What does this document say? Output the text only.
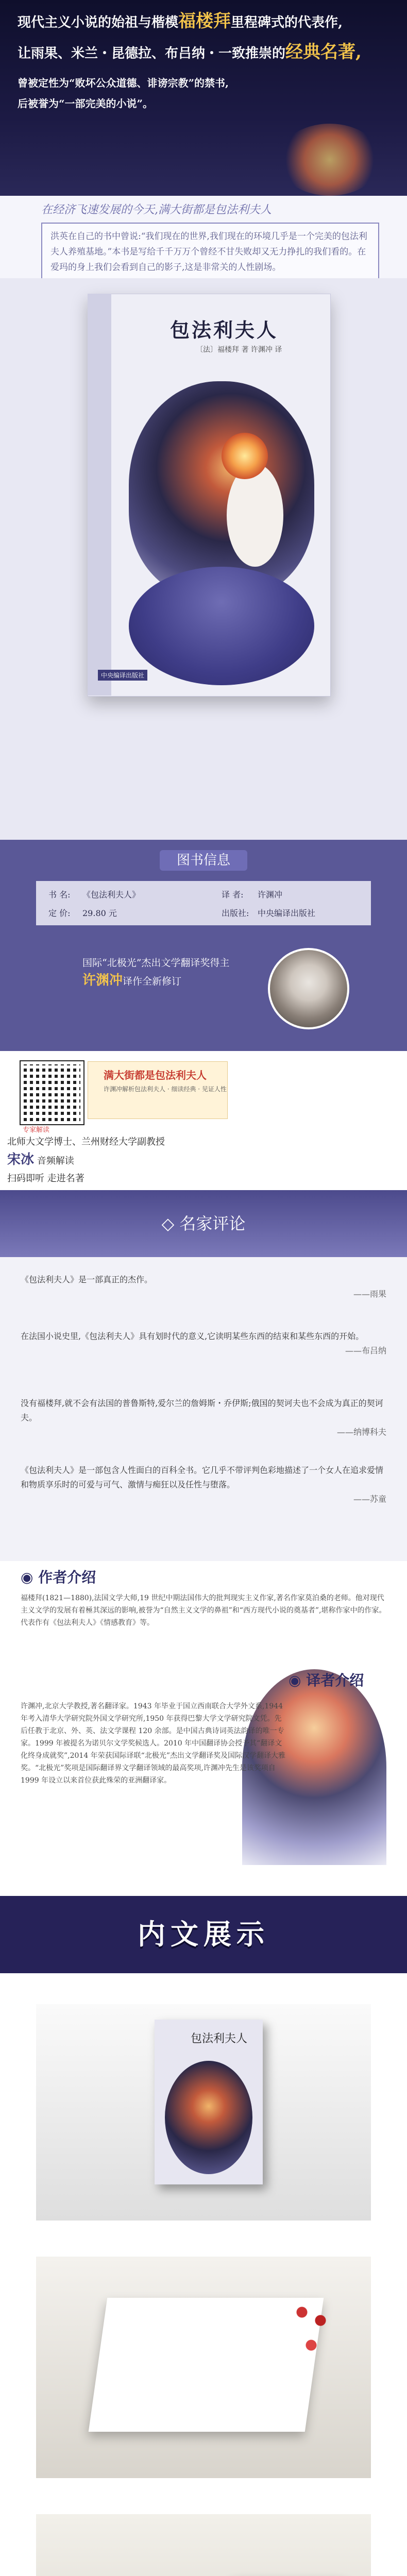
现代主义小说的始祖与楷模福楼拜里程碑式的代表作,
让雨果、米兰・昆德拉、布吕纳・一致推崇的经典名著,
曾被定性为“败坏公众道德、诽谤宗教”的禁书,
后被誉为“一部完美的小说”。
在经济飞速发展的今天,满大街都是包法利夫人
洪英在自己的书中曾说:“我们现在的世界,我们现在的环境几乎是一个完美的包法利夫人养殖基地。”本书是写给千千万万个曾经不甘失败却又无力挣扎的我们看的。在爱玛的身上我们会看到自己的影子,这是非常关的人性剧场。
包法利夫人
〔法〕福楼拜 著 许渊冲 译
中央编译出版社
图书信息
书 名: 《包法利夫人》	译 者: 许渊冲
定 价: 29.80 元	出版社: 中央编译出版社
国际“北极光”杰出文学翻译奖得主
许渊冲译作全新修订
专家解读
满大街都是包法利夫人
许渊冲解析包法利夫人 · 细读经典 · 见证人性
北师大文学博士、兰州财经大学副教授
宋冰 音频解读
扫码即听 走进名著
◇ 名家评论
《包法利夫人》是一部真正的杰作。
——雨果
在法国小说史里,《包法利夫人》具有划时代的意义,它读明某些东西的结束和某些东西的开始。
——布吕纳
没有福楼拜,就不会有法国的普鲁斯特,爱尔兰的詹姆斯・乔伊斯;俄国的契诃夫也不会成为真正的契诃夫。
——纳博科夫
《包法利夫人》是一部包含人性面白的百科全书。它几乎不带评判色彩地描述了一个女人在追求爱情和物质享乐时的可爱与可气、激情与痴狂以及任性与堕落。
——苏童
◉ 作者介绍
福楼拜(1821—1880),法国文学大师,19 世纪中期法国伟大的批判现实主义作家,著名作家莫泊桑的老师。他对现代主义文学的发展有着極其深远的影响,被誉为“自然主义文学的鼻祖”和“西方现代小说的奠基者”,堪称作家中的作家。代表作有《包法利夫人》《情感教育》等。
◉ 译者介绍
许渊冲,北京大学教授,著名翻译家。1943 年毕业于国立西南联合大学外文系,1944 年考入清华大学研究院外国文学研究所,1950 年获得巴黎大学文学研究院文凭。先后任教于北京、外、英、法文学课程 120 余部。是中国古典诗词英法韵译的唯一专家。1999 年被提名为诺贝尔文学奖候选人。2010 年中国翻译协会授予其“翻译文化终身成就奖”,2014 年荣获国际译联“北极光”杰出文学翻译奖及国际汉学翻译大雅奖。“北极光”奖项是国际翻译界文学翻译领域的最高奖项,许渊冲先生是该奖项自 1999 年设立以来首位获此殊荣的亚洲翻译家。
内文展示
包法利夫人
